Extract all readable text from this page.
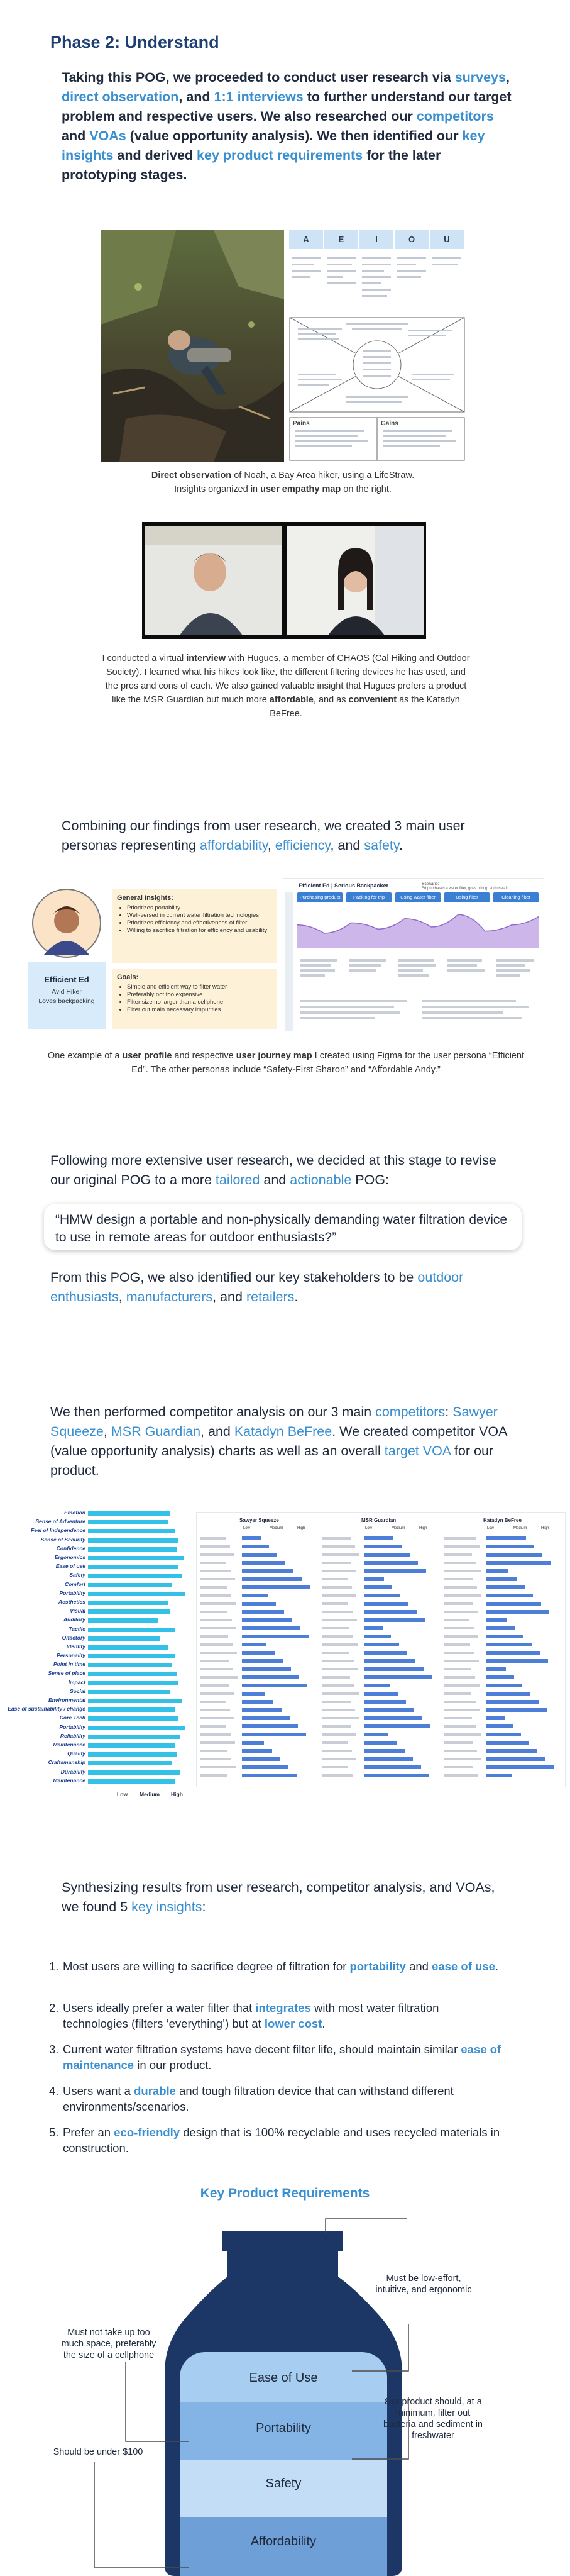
Phase 2: Understand
Taking this POG, we proceeded to conduct user research via surveys, direct observation, and 1:1 interviews to further understand our target problem and respective users. We also researched our competitors and VOAs (value opportunity analysis). We then identified our key insights and derived key product requirements for the later prototyping stages.
A	E	I	O	U
Pains	Gains
Direct observation of Noah, a Bay Area hiker, using a LifeStraw.
Insights organized in user empathy map on the right.
I conducted a virtual interview with Hugues, a member of CHAOS (Cal Hiking and Outdoor Society). I learned what his hikes look like, the different filtering devices he has used, and the pros and cons of each. We also gained valuable insight that Hugues prefers a product like the MSR Guardian but much more affordable, and as convenient as the Katadyn BeFree.
Combining our findings from user research, we created 3 main user personas representing affordability, efficiency, and safety.
Efficient Ed
Avid Hiker
Loves backpacking
General Insights:
• Prioritizes portability
• Well-versed in current water filtration technologies
• Prioritizes efficiency and effectiveness of filter
• Willing to sacrifice filtration for efficiency and usability
Goals:
• Simple and efficient way to filter water
• Preferably not too expensive
• Filter size no larger than a cellphone
• Filter out main necessary impurities
Efficient Ed | Serious Backpacker	Scenario:
Ed purchases a water filter, goes hiking, and uses it
Purchasing product	Packing for trip	Using water filter	Using filter	Cleaning filter
One example of a user profile and respective user journey map I created using Figma for the user persona “Efficient Ed”. The other personas include “Safety-First Sharon” and “Affordable Andy.”
Following more extensive user research, we decided at this stage to revise our original POG to a more tailored and actionable POG:
“HMW design a portable and non-physically demanding water filtration device to use in remote areas for outdoor enthusiasts?”
From this POG, we also identified our key stakeholders to be outdoor enthusiasts, manufacturers, and retailers.
We then performed competitor analysis on our 3 main competitors: Sawyer Squeeze, MSR Guardian, and Katadyn BeFree. We created competitor VOA (value opportunity analysis) charts as well as an overall target VOA for our product.
Emotion
Sense of Adventure
Feel of Independence
Sense of Security
Confidence
Ergonomics
Ease of use
Safety
Comfort
Portability
Aesthetics
Visual
Auditory
Tactile
Olfactory
Identity
Personality
Point in time
Sense of place
Impact
Social
Environmental
Ease of sustainability / change
Core Tech
Portability
Reliability
Maintenance
Quality
Craftsmanship
Durability
Maintenance
Low Medium High
Sawyer Squeeze
Low	Medium	High
MSR Guardian
Low	Medium	High
Katadyn BeFree
Low	Medium	High
Synthesizing results from user research, competitor analysis, and VOAs, we found 5 key insights:
1. Most users are willing to sacrifice degree of filtration for portability and ease of use.
2. Users ideally prefer a water filter that integrates with most water filtration technologies (filters ‘everything’) but at lower cost.
3. Current water filtration systems have decent filter life, should maintain similar ease of maintenance in our product.
4. Users want a durable and tough filtration device that can withstand different environments/scenarios.
5. Prefer an eco-friendly design that is 100% recyclable and uses recycled materials in construction.
Key Product Requirements
Ease of Use
Portability
Safety
Affordability
Must be low-effort, intuitive, and ergonomic
Must not take up too much space, preferably the size of a cellphone
Our product should, at a minimum, filter out bacteria and sediment in freshwater
Should be under $100
